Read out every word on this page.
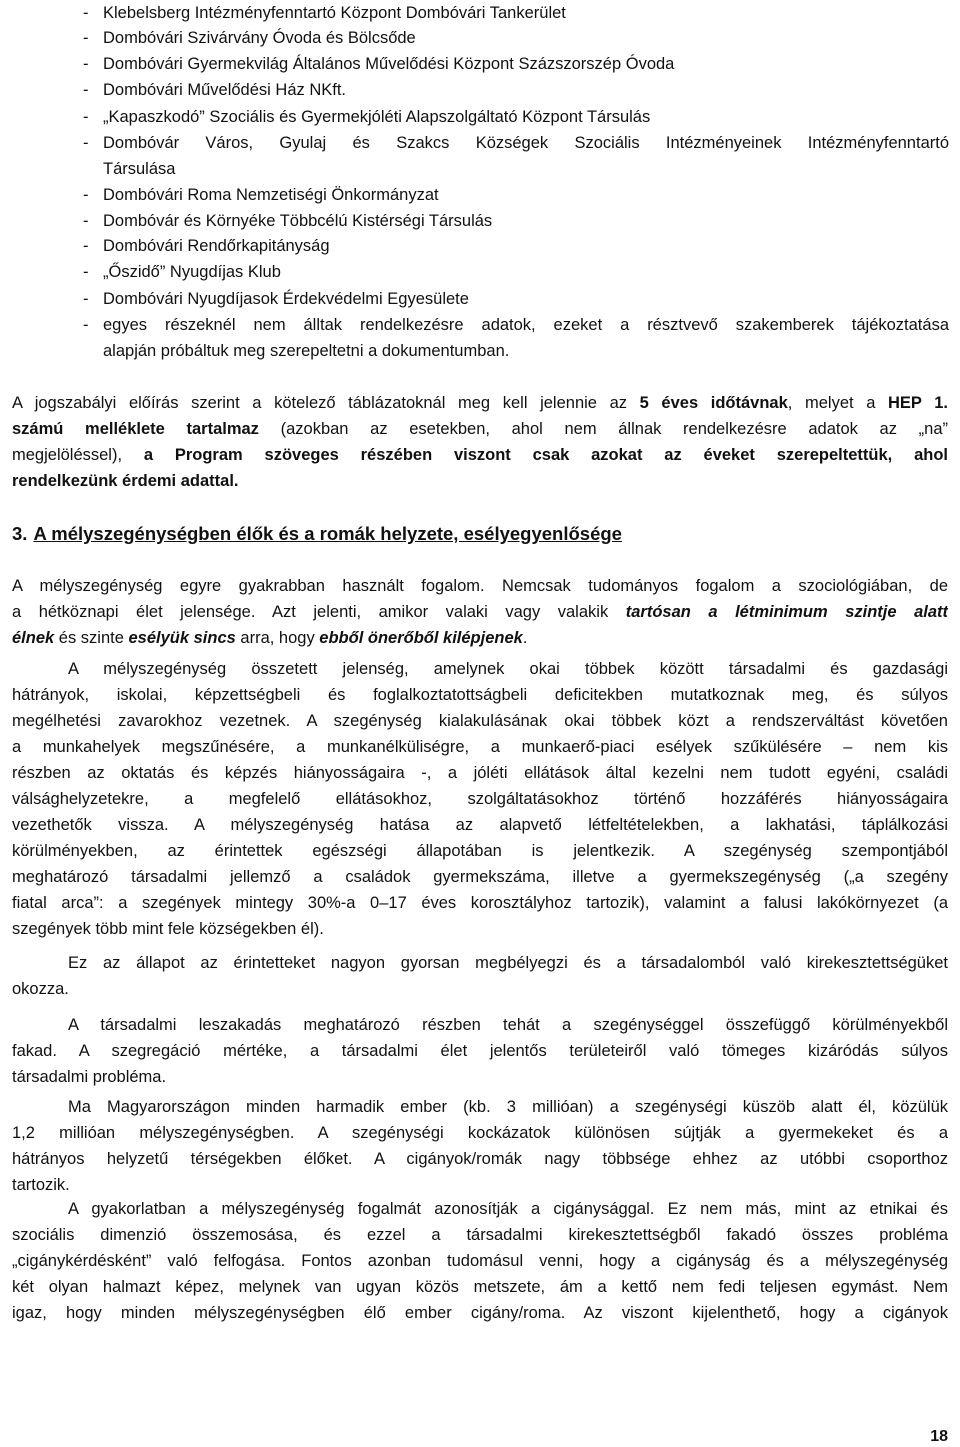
- Klebelsberg Intézményfenntartó Központ Dombóvári Tankerület
- Dombóvári Szivárvány Óvoda és Bölcsőde
- Dombóvári Gyermekvilág Általános Művelődési Központ Százszorszép Óvoda
- Dombóvári Művelődési Ház NKft.
- „Kapaszkodó” Szociális és Gyermekjóléti Alapszolgáltató Központ Társulás
- Dombóvár Város, Gyulaj és Szakcs Községek Szociális Intézményeinek Intézményfenntartó
Társulása
- Dombóvári Roma Nemzetiségi Önkormányzat
- Dombóvár és Környéke Többcélú Kistérségi Társulás
- Dombóvári Rendőrkapitányság
- „Őszidő” Nyugdíjas Klub
- Dombóvári Nyugdíjasok Érdekvédelmi Egyesülete
- egyes részeknél nem álltak rendelkezésre adatok, ezeket a résztvevő szakemberek tájékoztatása
alapján próbáltuk meg szerepeltetni a dokumentumban.
A jogszabályi előírás szerint a kötelező táblázatoknál meg kell jelennie az 5 éves időtávnak, melyet a HEP 1.
számú melléklete tartalmaz (azokban az esetekben, ahol nem állnak rendelkezésre adatok az „na”
megjelöléssel), a Program szöveges részében viszont csak azokat az éveket szerepeltettük, ahol
rendelkezünk érdemi adattal.
3. A mélyszegénységben élők és a romák helyzete, esélyegyenlősége
A mélyszegénység egyre gyakrabban használt fogalom. Nemcsak tudományos fogalom a szociológiában, de
a hétköznapi élet jelensége. Azt jelenti, amikor valaki vagy valakik tartósan a létminimum szintje alatt
élnek és szinte esélyük sincs arra, hogy ebből önerőből kilépjenek.
A mélyszegénység összetett jelenség, amelynek okai többek között társadalmi és gazdasági
hátrányok, iskolai, képzettségbeli és foglalkoztatottságbeli deficitekben mutatkoznak meg, és súlyos
megélhetési zavarokhoz vezetnek. A szegénység kialakulásának okai többek közt a rendszerváltást követően
a munkahelyek megszűnésére, a munkanélküliségre, a munkaerő-piaci esélyek szűkülésére – nem kis
részben az oktatás és képzés hiányosságaira -, a jóléti ellátások által kezelni nem tudott egyéni, családi
válsághelyzetekre, a megfelelő ellátásokhoz, szolgáltatásokhoz történő hozzáférés hiányosságaira
vezethetők vissza. A mélyszegénység hatása az alapvető létfeltételekben, a lakhatási, táplálkozási
körülményekben, az érintettek egészségi állapotában is jelentkezik. A szegénység szempontjából
meghatározó társadalmi jellemző a családok gyermekszáma, illetve a gyermekszegénység („a szegény
fiatal arca”: a szegények mintegy 30%-a 0–17 éves korosztályhoz tartozik), valamint a falusi lakókörnyezet (a
szegények több mint fele községekben él).
Ez az állapot az érintetteket nagyon gyorsan megbélyegzi és a társadalomból való kirekesztettségüket
okozza.
A társadalmi leszakadás meghatározó részben tehát a szegénységgel összefüggő körülményekből
fakad. A szegregáció mértéke, a társadalmi élet jelentős területeiről való tömeges kizáródás súlyos
társadalmi probléma.
Ma Magyarországon minden harmadik ember (kb. 3 millióan) a szegénységi küszöb alatt él, közülük
1,2 millióan mélyszegénységben. A szegénységi kockázatok különösen sújtják a gyermekeket és a
hátrányos helyzetű térségekben élőket. A cigányok/romák nagy többsége ehhez az utóbbi csoporthoz
tartozik.
A gyakorlatban a mélyszegénység fogalmát azonosítják a cigánysággal. Ez nem más, mint az etnikai és
szociális dimenzió összemosása, és ezzel a társadalmi kirekesztettségből fakadó összes probléma
„cigánykérdésként” való felfogása. Fontos azonban tudomásul venni, hogy a cigányság és a mélyszegénység
két olyan halmazt képez, melynek van ugyan közös metszete, ám a kettő nem fedi teljesen egymást. Nem
igaz, hogy minden mélyszegénységben élő ember cigány/roma. Az viszont kijelenthető, hogy a cigányok
18
